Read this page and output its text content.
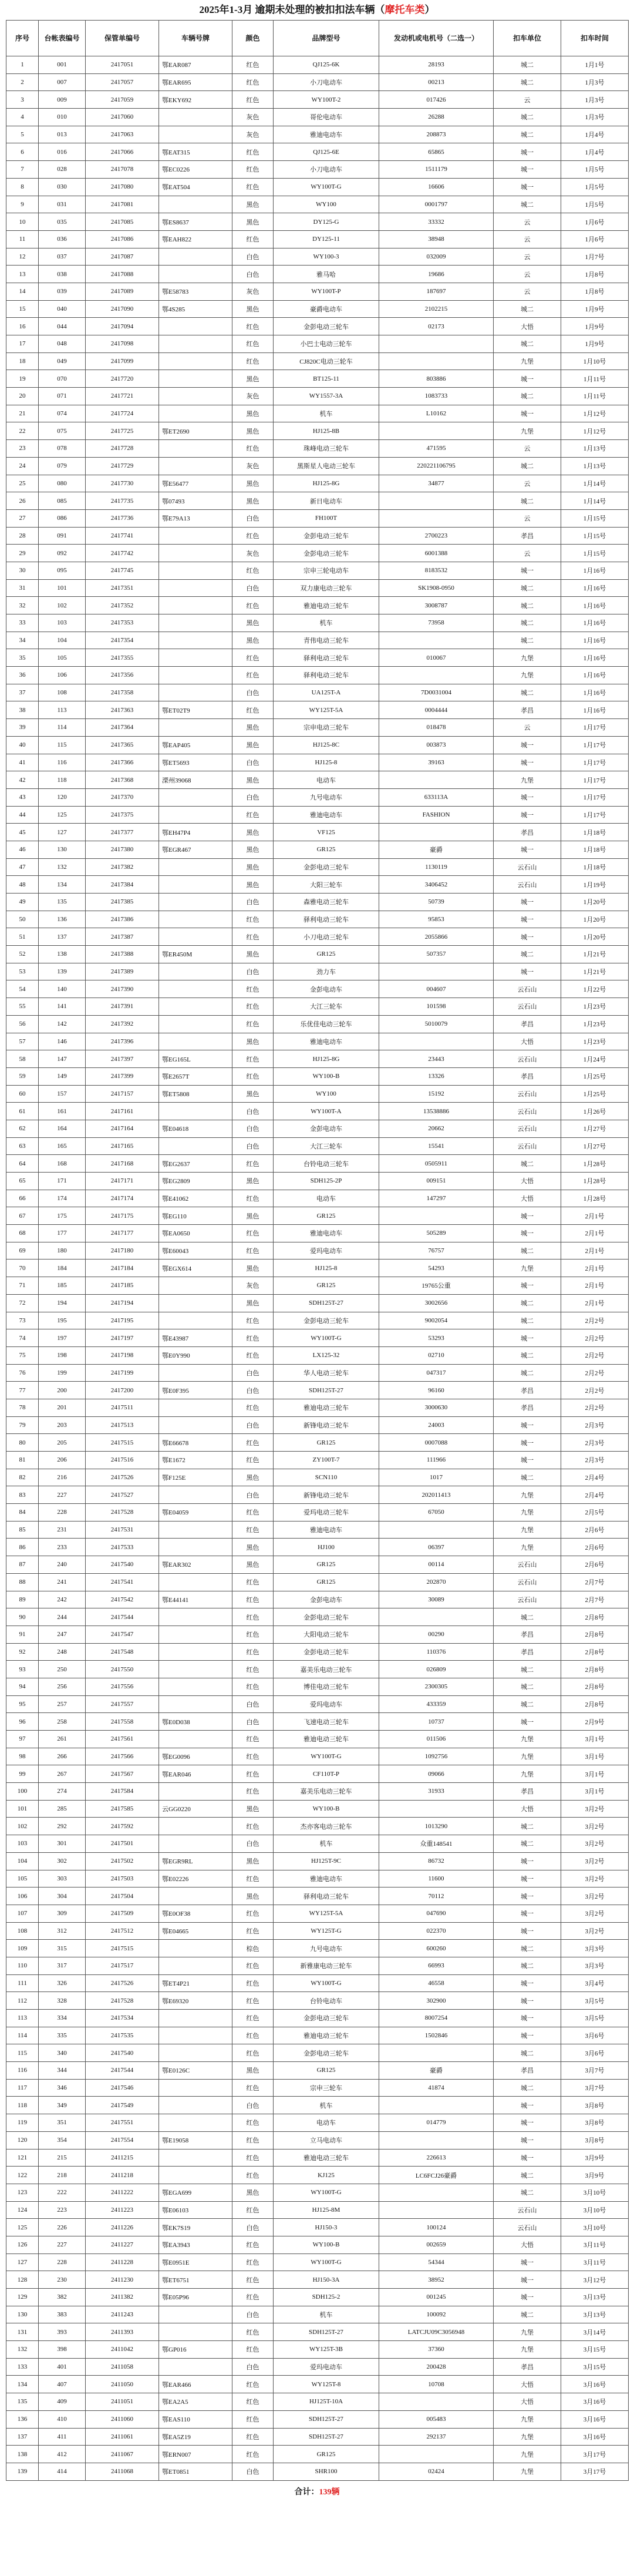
2025年1-3月 逾期未处理的被扣扣法车辆（摩托车类）
序号	台帐表编号	保管单编号	车辆号牌	颜色	品牌型号	发动机或电机号（二选一）	扣车单位	扣车时间
1	001	2417051	鄂EAR087	红色	QJ125-6K	28193	城二	1月1号
2	007	2417057	鄂EAR695	红色	小刀电动车	00213	城二	1月3号
3	009	2417059	鄂EKY692	红色	WY100T-2	017426	云	1月3号
4	010	2417060		灰色	哥伦电动车	26288	城二	1月3号
5	013	2417063		灰色	雅迪电动车	208873	城二	1月4号
6	016	2417066	鄂EAT315	红色	QJ125-6E	65865	城一	1月4号
7	028	2417078	鄂EC0226	红色	小刀电动车	1511179	城一	1月5号
8	030	2417080	鄂EAT504	红色	WY100T-G	16606	城一	1月5号
9	031	2417081		黑色	WY100	0001797	城二	1月5号
10	035	2417085	鄂ES8637	黑色	DY125-G	33332	云	1月6号
11	036	2417086	鄂EAH822	红色	DY125-11	38948	云	1月6号
12	037	2417087		白色	WY100-3	032009	云	1月7号
13	038	2417088		白色	雅马哈	19686	云	1月8号
14	039	2417089	鄂E58783	灰色	WY100T-P	187697	云	1月8号
15	040	2417090	鄂4S285	黑色	豪爵电动车	2102215	城二	1月9号
16	044	2417094		红色	金彭电动三轮车	02173	大悟	1月9号
17	048	2417098		红色	小巴士电动三轮车		城二	1月9号
18	049	2417099		红色	CJ820C电动三轮车		九堡	1月10号
19	070	2417720		黑色	BT125-11	803886	城一	1月11号
20	071	2417721		灰色	WY1557-3A	1083733	城二	1月11号
21	074	2417724		黑色	机车	L10162	城一	1月12号
22	075	2417725	鄂ET2690	黑色	HJ125-8B		九堡	1月12号
23	078	2417728		红色	珠峰电动三轮车	471595	云	1月13号
24	079	2417729		灰色	黑斯星人电动三轮车	220221106795	城二	1月13号
25	080	2417730	鄂E56477	黑色	HJ125-8G	34877	云	1月14号
26	085	2417735	鄂07493	黑色	新日电动车		城二	1月14号
27	086	2417736	鄂E79A13	白色	FH100T		云	1月15号
28	091	2417741		红色	金彭电动三轮车	2700223	孝昌	1月15号
29	092	2417742		灰色	金彭电动三轮车	6001388	云	1月15号
30	095	2417745		红色	宗申三轮电动车	8183532	城一	1月16号
31	101	2417351		白色	双力康电动三轮车	SK1908-0950	城二	1月16号
32	102	2417352		红色	雅迪电动三轮车	3008787	城二	1月16号
33	103	2417353		黑色	机车	73958	城二	1月16号
34	104	2417354		黑色	青伟电动三轮车		城二	1月16号
35	105	2417355		红色	驿利电动三轮车	010067	九堡	1月16号
36	106	2417356		红色	驿利电动三轮车		九堡	1月16号
37	108	2417358		白色	UA125T-A	7D0031004	城二	1月16号
38	113	2417363	鄂ET02T9	红色	WY125T-5A	0004444	孝昌	1月16号
39	114	2417364		黑色	宗申电动三轮车	018478	云	1月17号
40	115	2417365	鄂EAP405	黑色	HJ125-8C	003873	城一	1月17号
41	116	2417366	鄂ET5693	白色	HJ125-8	39163	城一	1月17号
42	118	2417368	溧州39068	黑色	电动车		九堡	1月17号
43	120	2417370		白色	九号电动车	633113A	城一	1月17号
44	125	2417375		红色	雅迪电动车	FASHION	城一	1月17号
45	127	2417377	鄂EH47P4	黑色	VF125		孝昌	1月18号
46	130	2417380	鄂EGR467	黑色	GR125	豪爵	城一	1月18号
47	132	2417382		黑色	金彭电动三轮车	1130119	云石山	1月18号
48	134	2417384		黑色	大阳三轮车	3406452	云石山	1月19号
49	135	2417385		白色	森雅电动三轮车	50739	城一	1月20号
50	136	2417386		红色	驿利电动三轮车	95853	城一	1月20号
51	137	2417387		红色	小刀电动三轮车	2055866	城一	1月20号
52	138	2417388	鄂ER450M	黑色	GR125	507357	城二	1月21号
53	139	2417389		白色	劲力车		城一	1月21号
54	140	2417390		红色	金彭电动车	004607	云石山	1月22号
55	141	2417391		红色	大江三轮车	101598	云石山	1月23号
56	142	2417392		红色	乐优佳电动三轮车	5010079	孝昌	1月23号
57	146	2417396		黑色	雅迪电动车		大悟	1月23号
58	147	2417397	鄂EG165L	红色	HJ125-8G	23443	云石山	1月24号
59	149	2417399	鄂E2657T	红色	WY100-B	13326	孝昌	1月25号
60	157	2417157	鄂ET5808	黑色	WY100	15192	云石山	1月25号
61	161	2417161		白色	WY100T-A	13538886	云石山	1月26号
62	164	2417164	鄂E04618	白色	金彭电动车	20662	云石山	1月27号
63	165	2417165		白色	大江三轮车	15541	云石山	1月27号
64	168	2417168	鄂EG2637	红色	台铃电动三轮车	0505911	城二	1月28号
65	171	2417171	鄂EG2809	黑色	SDH125-2P	009151	大悟	1月28号
66	174	2417174	鄂E41062	红色	电动车	147297	大悟	1月28号
67	175	2417175	鄂EG110	黑色	GR125		城一	2月1号
68	177	2417177	鄂EA0650	红色	雅迪电动车	505289	城一	2月1号
69	180	2417180	鄂E60043	红色	爱玛电动车	76757	城二	2月1号
70	184	2417184	鄂EGX614	黑色	HJ125-8	54293	九堡	2月1号
71	185	2417185		灰色	GR125	19765公重	城一	2月1号
72	194	2417194		黑色	SDH125T-27	3002656	城二	2月1号
73	195	2417195		红色	金彭电动三轮车	9002054	城二	2月2号
74	197	2417197	鄂E43987	红色	WY100T-G	53293	城一	2月2号
75	198	2417198	鄂E0Y990	红色	LX125-32	02710	城二	2月2号
76	199	2417199		白色	华人电动三轮车	047317	城二	2月2号
77	200	2417200	鄂E0F395	白色	SDH125T-27	96160	孝昌	2月2号
78	201	2417511		红色	雅迪电动三轮车	3000630	孝昌	2月2号
79	203	2417513		白色	新锋电动三轮车	24003	城一	2月3号
80	205	2417515	鄂E66678	红色	GR125	0007088	城一	2月3号
81	206	2417516	鄂E1672	红色	ZY100T-7	111966	城一	2月3号
82	216	2417526	鄂F125E	黑色	SCN110	1017	城二	2月4号
83	227	2417527		白色	新锋电动三轮车	202011413	九堡	2月4号
84	228	2417528	鄂E04059	红色	爱玛电动三轮车	67050	九堡	2月5号
85	231	2417531		红色	雅迪电动车		九堡	2月6号
86	233	2417533		黑色	HJ100	06397	九堡	2月6号
87	240	2417540	鄂EAR302	黑色	GR125	00114	云石山	2月6号
88	241	2417541		红色	GR125	202870	云石山	2月7号
89	242	2417542	鄂E44141	红色	金彭电动车	30089	云石山	2月7号
90	244	2417544		红色	金彭电动三轮车		城二	2月8号
91	247	2417547		红色	大阳电动三轮车	00290	孝昌	2月8号
92	248	2417548		红色	金彭电动三轮车	110376	孝昌	2月8号
93	250	2417550		红色	嘉美乐电动三轮车	026809	城二	2月8号
94	256	2417556		红色	博佳电动三轮车	2300305	城二	2月8号
95	257	2417557		白色	爱玛电动车	433359	城二	2月8号
96	258	2417558	鄂E0D038	白色	飞速电动三轮车	10737	城一	2月9号
97	261	2417561		红色	雅迪电动三轮车	011506	九堡	3月1号
98	266	2417566	鄂EG0096	红色	WY100T-G	1092756	九堡	3月1号
99	267	2417567	鄂EAR046	红色	CF110T-P	09066	九堡	3月1号
100	274	2417584		红色	嘉美乐电动三轮车	31933	孝昌	3月1号
101	285	2417585	云GG0220	黑色	WY100-B		大悟	3月2号
102	292	2417592		红色	杰亦客电动三轮车	1013290	城二	3月2号
103	301	2417501		白色	机车	众重148541	城二	3月2号
104	302	2417502	鄂EGR9RL	黑色	HJ125T-9C	86732	城一	3月2号
105	303	2417503	鄂E02226	红色	雅迪电动车	11600	城一	3月2号
106	304	2417504		黑色	驿利电动三轮车	70112	城一	3月2号
107	309	2417509	鄂E0OF38	红色	WY125T-5A	047690	城一	3月2号
108	312	2417512	鄂E04665	红色	WY125T-G	022370	城一	3月2号
109	315	2417515		棕色	九号电动车	600260	城二	3月3号
110	317	2417517		红色	新雅康电动三轮车	66993	城二	3月3号
111	326	2417526	鄂ET4P21	红色	WY100T-G	46558	城一	3月4号
112	328	2417528	鄂E69320	红色	台铃电动车	302900	城一	3月5号
113	334	2417534		红色	金彭电动三轮车	8007254	城一	3月5号
114	335	2417535		红色	雅迪电动三轮车	1502846	城一	3月6号
115	340	2417540		红色	金彭电动三轮车		城二	3月6号
116	344	2417544	鄂E0126C	黑色	GR125	豪爵	孝昌	3月7号
117	346	2417546		红色	宗申三轮车	41874	城二	3月7号
118	349	2417549		白色	机车		城一	3月8号
119	351	2417551		红色	电动车	014779	城一	3月8号
120	354	2417554	鄂E19058	红色	立马电动车		城一	3月8号
121	215	2411215		红色	雅迪电动三轮车	226613	城一	3月9号
122	218	2411218		红色	KJ125	LC6FCJ26豪爵	城二	3月9号
123	222	2411222	鄂EGA699	黑色	WY100T-G		城二	3月10号
124	223	2411223	鄂E06103	红色	HJ125-8M		云石山	3月10号
125	226	2411226	鄂EK7S19	白色	HJ150-3	100124	云石山	3月10号
126	227	2411227	鄂EA3943	红色	WY100-B	002659	大悟	3月11号
127	228	2411228	鄂E0951E	红色	WY100T-G	54344	城一	3月11号
128	230	2411230	鄂ET6751	红色	HJ150-3A	38952	城一	3月12号
129	382	2411382	鄂E05P96	红色	SDH125-2	001245	城一	3月13号
130	383	2411243		白色	机车	100092	城二	3月13号
131	393	2411393		红色	SDH125T-27	LATCJU09C3056948	九堡	3月14号
132	398	2411042	鄂GP016	红色	WY125T-3B	37360	九堡	3月15号
133	401	2411058		白色	爱玛电动车	200428	孝昌	3月15号
134	407	2411050	鄂EAR466	红色	WY125T-8	10708	大悟	3月16号
135	409	2411051	鄂EA2A5	红色	HJ125T-10A		大悟	3月16号
136	410	2411060	鄂EAS110	红色	SDH125T-27	005483	九堡	3月16号
137	411	2411061	鄂EA5Z19	红色	SDH125T-27	292137	九堡	3月16号
138	412	2411067	鄂ERN007	红色	GR125		九堡	3月17号
139	414	2411068	鄂ET0851	白色	SHR100	02424	九堡	3月17号
合计：139辆
